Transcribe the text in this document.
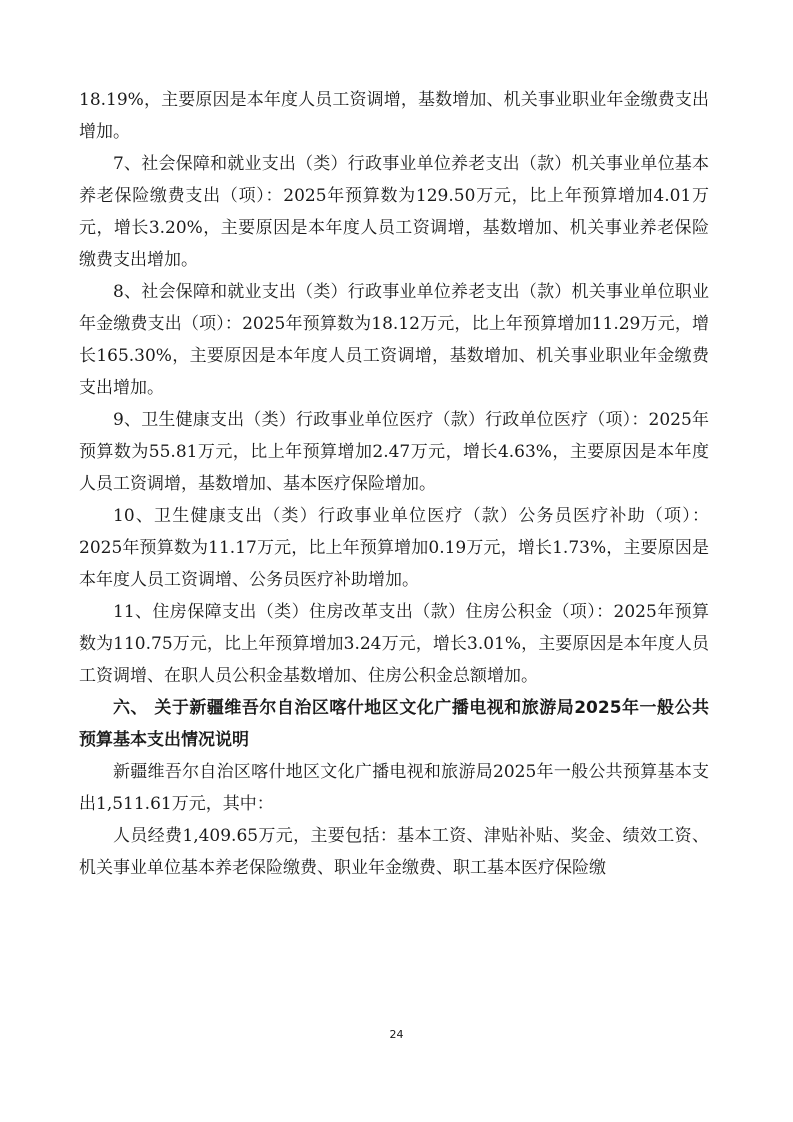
18.19%，主要原因是本年度人员工资调增，基数增加、机关事业职业年金缴费支出增加。

7、社会保障和就业支出（类）行政事业单位养老支出（款）机关事业单位基本养老保险缴费支出（项）：2025年预算数为129.50万元，比上年预算增加4.01万元，增长3.20%，主要原因是本年度人员工资调增，基数增加、机关事业养老保险缴费支出增加。

8、社会保障和就业支出（类）行政事业单位养老支出（款）机关事业单位职业年金缴费支出（项）：2025年预算数为18.12万元，比上年预算增加11.29万元，增长165.30%，主要原因是本年度人员工资调增，基数增加、机关事业职业年金缴费支出增加。

9、卫生健康支出（类）行政事业单位医疗（款）行政单位医疗（项）：2025年预算数为55.81万元，比上年预算增加2.47万元，增长4.63%，主要原因是本年度人员工资调增，基数增加、基本医疗保险增加。

10、卫生健康支出（类）行政事业单位医疗（款）公务员医疗补助（项）：2025年预算数为11.17万元，比上年预算增加0.19万元，增长1.73%，主要原因是本年度人员工资调增、公务员医疗补助增加。

11、住房保障支出（类）住房改革支出（款）住房公积金（项）：2025年预算数为110.75万元，比上年预算增加3.24万元，增长3.01%，主要原因是本年度人员工资调增、在职人员公积金基数增加、住房公积金总额增加。

六、 关于新疆维吾尔自治区喀什地区文化广播电视和旅游局2025年一般公共预算基本支出情况说明

新疆维吾尔自治区喀什地区文化广播电视和旅游局2025年一般公共预算基本支出1,511.61万元，其中：

人员经费1,409.65万元，主要包括：基本工资、津贴补贴、奖金、绩效工资、机关事业单位基本养老保险缴费、职业年金缴费、职工基本医疗保险缴

24
